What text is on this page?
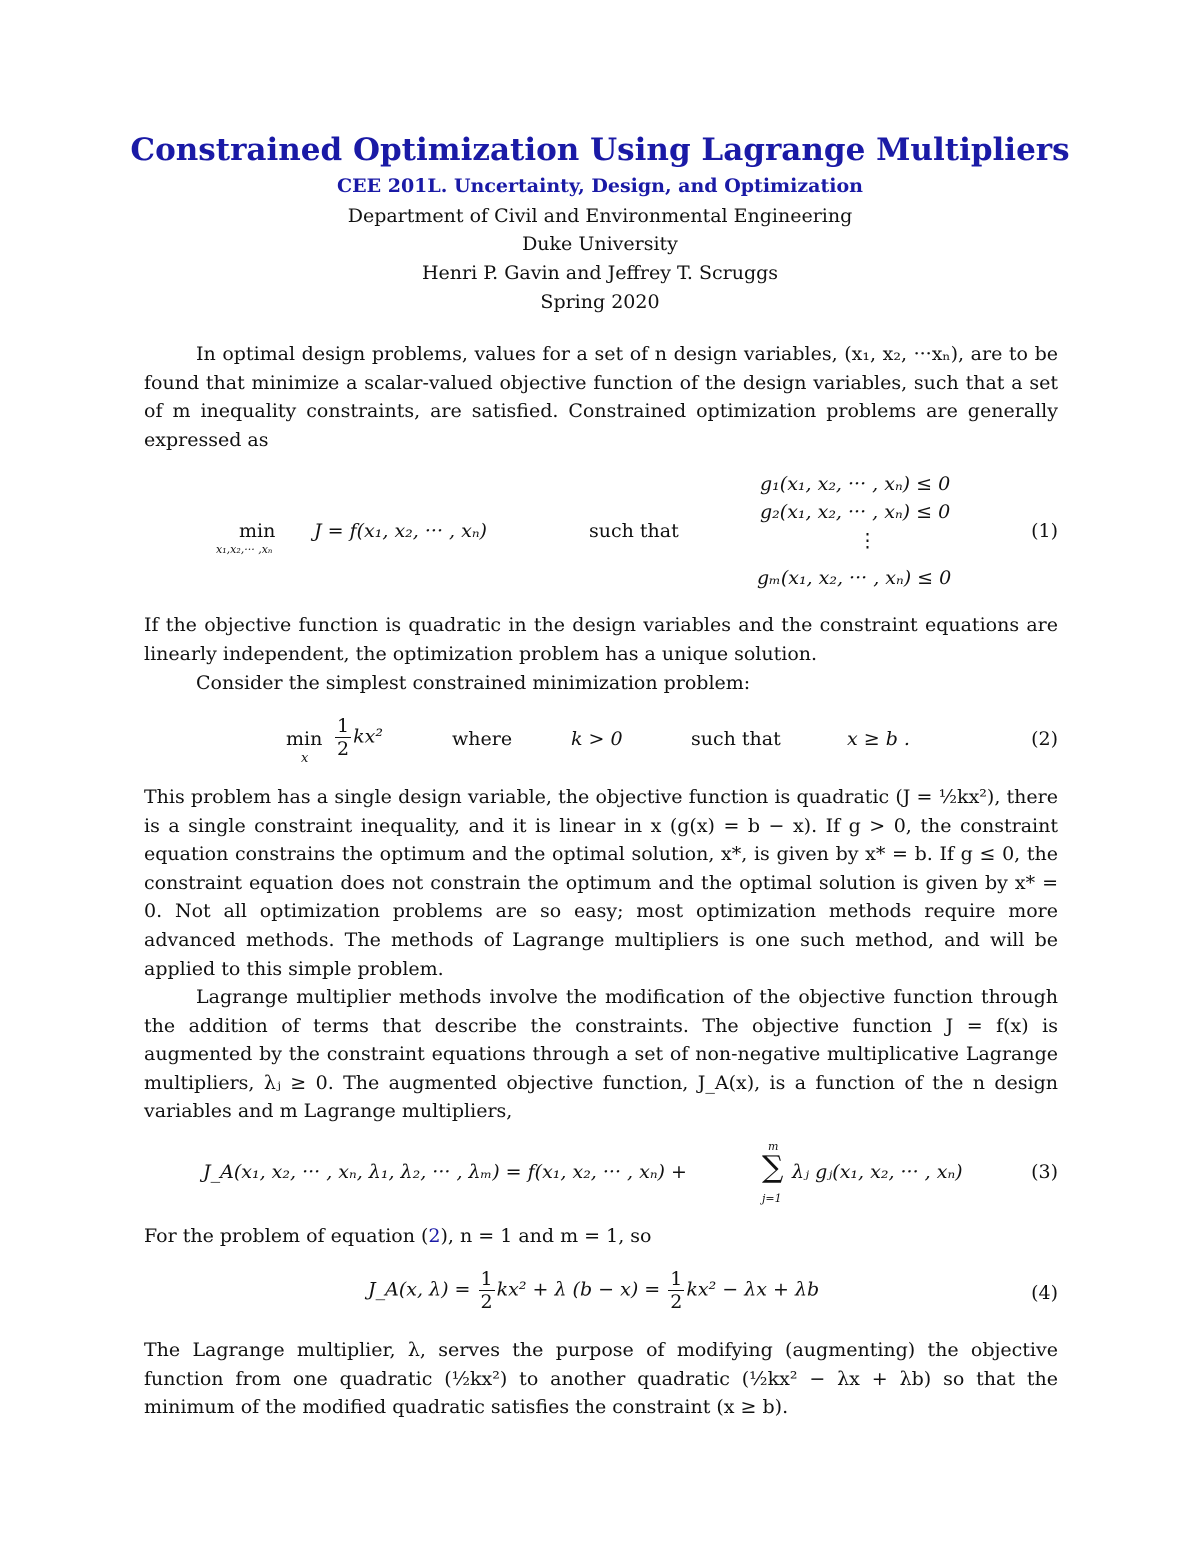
Constrained Optimization Using Lagrange Multipliers
CEE 201L. Uncertainty, Design, and Optimization
Department of Civil and Environmental Engineering
Duke University
Henri P. Gavin and Jeffrey T. Scruggs
Spring 2020

In optimal design problems, values for a set of n design variables, (x₁, x₂, ···xₙ), are to be found that minimize a scalar-valued objective function of the design variables, such that a set of m inequality constraints, are satisfied. Constrained optimization problems are generally expressed as

min
x₁,x₂,··· ,xₙ
J = f(x₁, x₂, ··· , xₙ)	such that
g₁(x₁, x₂, ··· , xₙ) ≤ 0
g₂(x₁, x₂, ··· , xₙ) ≤ 0
⋮
gₘ(x₁, x₂, ··· , xₙ) ≤ 0
(1)

If the objective function is quadratic in the design variables and the constraint equations are linearly independent, the optimization problem has a unique solution.

Consider the simplest constrained minimization problem:

min
x $\frac{1}{2} kx^2$	where	k > 0	such that	x ≥ b .	(2)

This problem has a single design variable, the objective function is quadratic (J = ½kx²), there is a single constraint inequality, and it is linear in x (g(x) = b − x). If g > 0, the constraint equation constrains the optimum and the optimal solution, x*, is given by x* = b. If g ≤ 0, the constraint equation does not constrain the optimum and the optimal solution is given by x* = 0. Not all optimization problems are so easy; most optimization methods require more advanced methods. The methods of Lagrange multipliers is one such method, and will be applied to this simple problem.

Lagrange multiplier methods involve the modification of the objective function through the addition of terms that describe the constraints. The objective function J = f(x) is augmented by the constraint equations through a set of non-negative multiplicative Lagrange multipliers, λⱼ ≥ 0. The augmented objective function, J_A(x), is a function of the n design variables and m Lagrange multipliers,

J_A(x₁, x₂, ··· , xₙ, λ₁, λ₂, ··· , λₘ) = f(x₁, x₂, ··· , xₙ) +
m
∑
j=1
λⱼ gⱼ(x₁, x₂, ··· , xₙ)	(3)

For the problem of equation (2), n = 1 and m = 1, so

J_A(x, $\lambda) = \frac{1}{2} kx^2 + \lambda$ $(b - x) = \frac{1}{2} kx^2 - \lambda x + \lambda b$	(4)

The Lagrange multiplier, λ, serves the purpose of modifying (augmenting) the objective function from one quadratic (½kx²) to another quadratic (½kx² − λx + λb) so that the minimum of the modified quadratic satisfies the constraint (x ≥ b).
